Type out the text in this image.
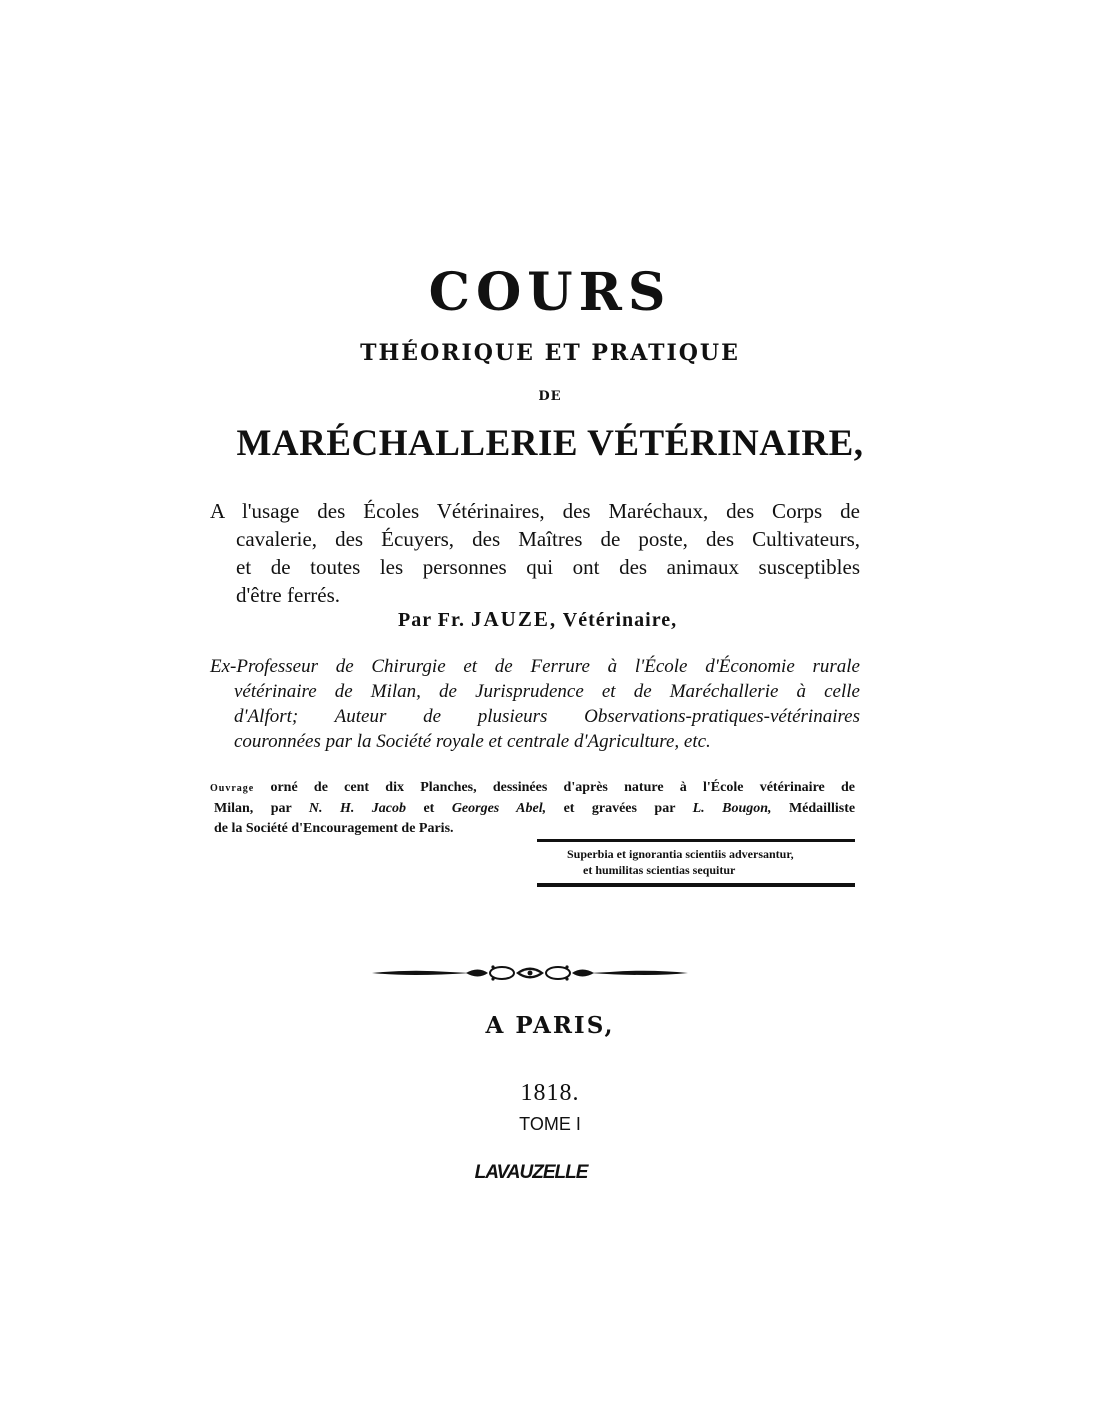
COURS
THÉORIQUE ET PRATIQUE
DE
MARÉCHALLERIE VÉTÉRINAIRE,
A l'usage des Écoles Vétérinaires, des Maréchaux, des Corps de
cavalerie, des Écuyers, des Maîtres de poste, des Cultivateurs,
et de toutes les personnes qui ont des animaux susceptibles
d'être ferrés.
Par Fr. JAUZE, Vétérinaire,
Ex-Professeur de Chirurgie et de Ferrure à l'École d'Économie rurale
vétérinaire de Milan, de Jurisprudence et de Maréchallerie à celle
d'Alfort; Auteur de plusieurs Observations-pratiques-vétérinaires
couronnées par la Société royale et centrale d'Agriculture, etc.
Ouvrage orné de cent dix Planches, dessinées d'après nature à l'École vétérinaire de
Milan, par N. H. Jacob et Georges Abel, et gravées par L. Bougon, Médailliste
de la Société d'Encouragement de Paris.
Superbia et ignorantia scientiis adversantur,
et humilitas scientias sequitur
A PARIS,
1818.
TOME I
LAVAUZELLE
